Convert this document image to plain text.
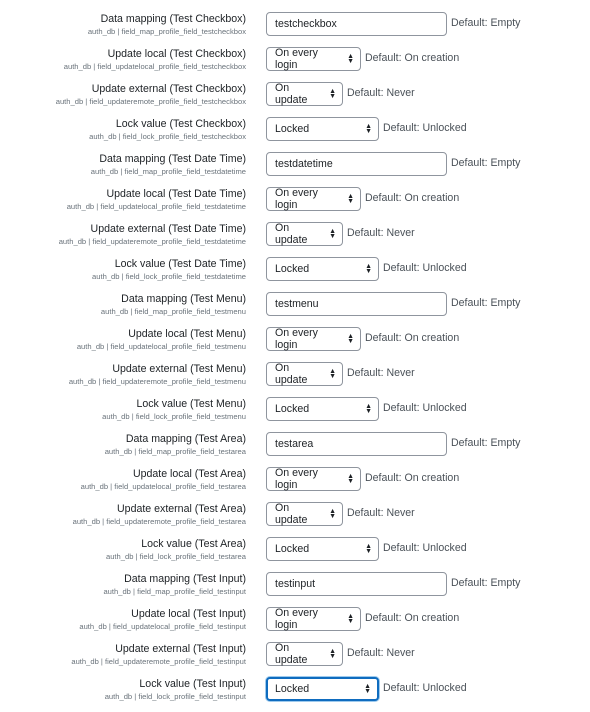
Data mapping (Test Checkbox)
auth_db | field_map_profile_field_testcheckbox
testcheckbox	Default: Empty
Update local (Test Checkbox)
auth_db | field_updatelocal_profile_field_testcheckbox
On every login
▲
▼ Default: On creation
Update external (Test Checkbox)
auth_db | field_updateremote_profile_field_testcheckbox
On update
▲
▼ Default: Never
Lock value (Test Checkbox)
auth_db | field_lock_profile_field_testcheckbox
Locked	▲
▼ Default: Unlocked
Data mapping (Test Date Time)
auth_db | field_map_profile_field_testdatetime
testdatetime	Default: Empty
Update local (Test Date Time)
auth_db | field_updatelocal_profile_field_testdatetime
On every login
▲
▼ Default: On creation
Update external (Test Date Time)
auth_db | field_updateremote_profile_field_testdatetime
On update
▲
▼ Default: Never
Lock value (Test Date Time)
auth_db | field_lock_profile_field_testdatetime
Locked	▲
▼ Default: Unlocked
Data mapping (Test Menu)
auth_db | field_map_profile_field_testmenu
testmenu	Default: Empty
Update local (Test Menu)
auth_db | field_updatelocal_profile_field_testmenu
On every login
▲
▼ Default: On creation
Update external (Test Menu)
auth_db | field_updateremote_profile_field_testmenu
On update
▲
▼ Default: Never
Lock value (Test Menu)
auth_db | field_lock_profile_field_testmenu
Locked	▲
▼ Default: Unlocked
Data mapping (Test Area)
auth_db | field_map_profile_field_testarea
testarea	Default: Empty
Update local (Test Area)
auth_db | field_updatelocal_profile_field_testarea
On every login
▲
▼ Default: On creation
Update external (Test Area)
auth_db | field_updateremote_profile_field_testarea
On update
▲
▼ Default: Never
Lock value (Test Area)
auth_db | field_lock_profile_field_testarea
Locked	▲
▼ Default: Unlocked
Data mapping (Test Input)
auth_db | field_map_profile_field_testinput
testinput	Default: Empty
Update local (Test Input)
auth_db | field_updatelocal_profile_field_testinput
On every login
▲
▼ Default: On creation
Update external (Test Input)
auth_db | field_updateremote_profile_field_testinput
On update
▲
▼ Default: Never
Lock value (Test Input)
auth_db | field_lock_profile_field_testinput
Locked	▲
▼ Default: Unlocked
